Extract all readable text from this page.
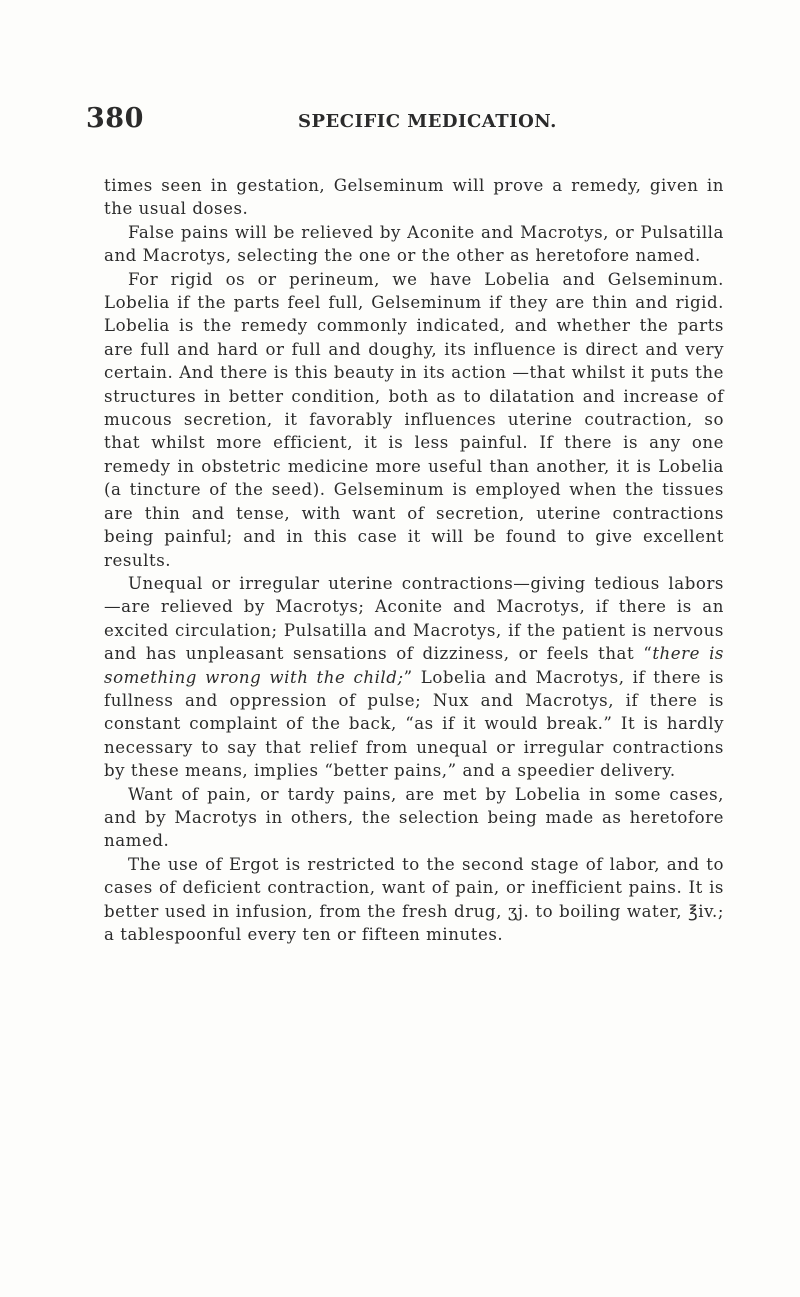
380	SPECIFIC MEDICATION.

times seen in gestation, Gelseminum will prove a remedy, given in the usual doses.

False pains will be relieved by Aconite and Macrotys, or Pulsatilla and Macrotys, selecting the one or the other as heretofore named.

For rigid os or perineum, we have Lobelia and Gelseminum. Lobelia if the parts feel full, Gelseminum if they are thin and rigid. Lobelia is the remedy commonly indicated, and whether the parts are full and hard or full and doughy, its influence is direct and very certain. And there is this beauty in its action —that whilst it puts the structures in better condition, both as to dilatation and increase of mucous secretion, it favorably influences uterine coutraction, so that whilst more efficient, it is less painful. If there is any one remedy in obstetric medicine more useful than another, it is Lobelia (a tincture of the seed). Gelseminum is employed when the tissues are thin and tense, with want of secretion, uterine contractions being painful; and in this case it will be found to give excellent results.

Unequal or irregular uterine contractions—giving tedious labors—are relieved by Macrotys; Aconite and Macrotys, if there is an excited circulation; Pulsatilla and Macrotys, if the patient is nervous and has unpleasant sensations of dizziness, or feels that “there is something wrong with the child;” Lobelia and Macrotys, if there is fullness and oppression of pulse; Nux and Macrotys, if there is constant complaint of the back, “as if it would break.” It is hardly necessary to say that relief from unequal or irregular contractions by these means, implies “better pains,” and a speedier delivery.

Want of pain, or tardy pains, are met by Lobelia in some cases, and by Macrotys in others, the selection being made as heretofore named.

The use of Ergot is restricted to the second stage of labor, and to cases of deficient contraction, want of pain, or inefficient pains. It is better used in infusion, from the fresh drug, ʒj. to boiling water, ℥iv.; a tablespoonful every ten or fifteen minutes.
